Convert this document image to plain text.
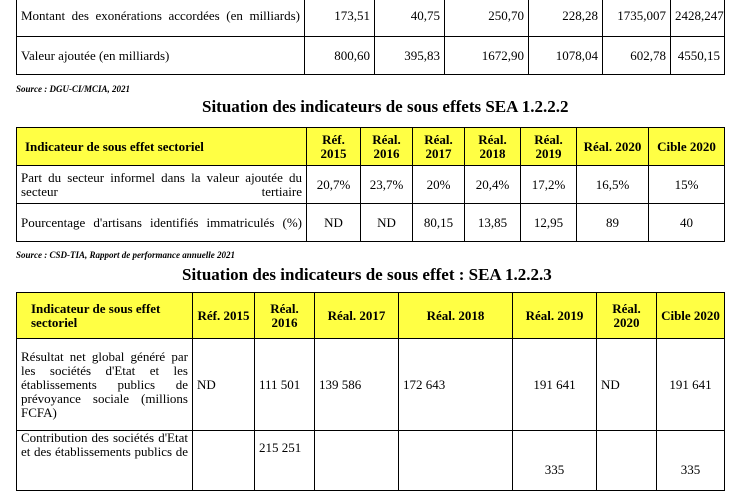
Montant des exonérations accordées (en milliards)	173,51	40,75	250,70	228,28	1735,007	2428,247
Valeur ajoutée (en milliards)	800,60	395,83	1672,90	1078,04	602,78	4550,15
Source : DGU-CI/MCIA, 2021
Situation des indicateurs de sous effets SEA 1.2.2.2
Indicateur de sous effet sectoriel	Réf. 2015	Réal. 2016	Réal. 2017	Réal. 2018	Réal. 2019	Réal. 2020	Cible 2020
Part du secteur informel dans la valeur ajoutée du secteur tertiaire	20,7%	23,7%	20%	20,4%	17,2%	16,5%	15%
Pourcentage d'artisans identifiés immatriculés (%)	ND	ND	80,15	13,85	12,95	89	40
Source : CSD-TIA, Rapport de performance annuelle 2021
Situation des indicateurs de sous effet : SEA 1.2.2.3
Indicateur de sous effet sectoriel	Réf. 2015	Réal. 2016	Réal. 2017	Réal. 2018	Réal. 2019	Réal. 2020	Cible 2020
Résultat net global généré par les sociétés d'Etat et les établissements publics de prévoyance sociale (millions FCFA)	ND	111 501	139 586	172 643	191 641	ND	191 641
Contribution des sociétés d'Etat et des établissements publics de		215 251			335		335
